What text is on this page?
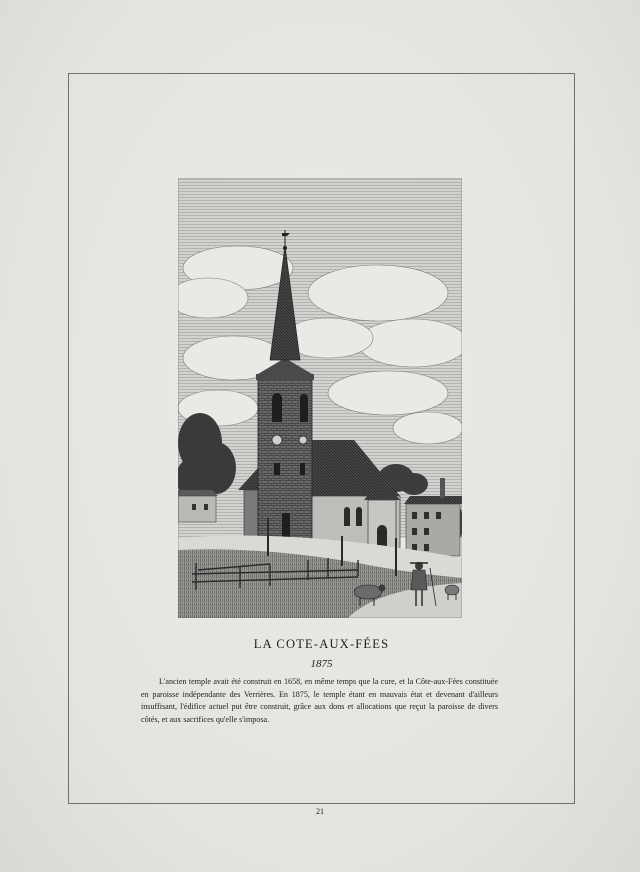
LA COTE-AUX-FÉES
1875
L'ancien temple avait été construit en 1658, en même temps que la cure, et la Côte-aux-Fées constituée en paroisse indépendante des Verrières. En 1875, le temple étant en mauvais état et devenant d'ailleurs insuffisant, l'édifice actuel put être construit, grâce aux dons et allocations que reçut la paroisse de divers côtés, et aux sacrifices qu'elle s'imposa.
21
